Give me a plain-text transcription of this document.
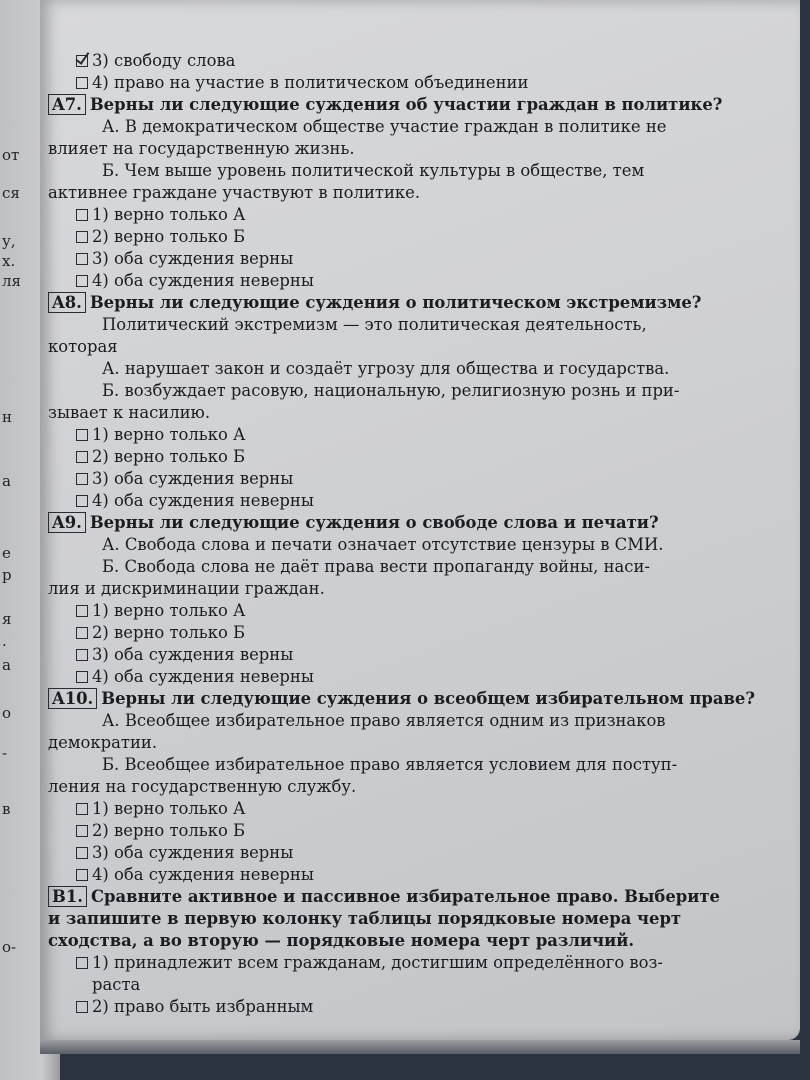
от
ся
у,
х.
ля
н
а
е
р
я
.
а
о
-
в
о-
3) свободу слова
4) право на участие в политическом объединении
A7. Верны ли следующие суждения об участии граждан в политике?
А. В демократическом обществе участие граждан в политике не
влияет на государственную жизнь.
Б. Чем выше уровень политической культуры в обществе, тем
активнее граждане участвуют в политике.
1) верно только А
2) верно только Б
3) оба суждения верны
4) оба суждения неверны
A8. Верны ли следующие суждения о политическом экстремизме?
Политический экстремизм — это политическая деятельность,
которая
А. нарушает закон и создаёт угрозу для общества и государства.
Б. возбуждает расовую, национальную, религиозную рознь и при-
зывает к насилию.
1) верно только А
2) верно только Б
3) оба суждения верны
4) оба суждения неверны
A9. Верны ли следующие суждения о свободе слова и печати?
А. Свобода слова и печати означает отсутствие цензуры в СМИ.
Б. Свобода слова не даёт права вести пропаганду войны, наси-
лия и дискриминации граждан.
1) верно только А
2) верно только Б
3) оба суждения верны
4) оба суждения неверны
A10. Верны ли следующие суждения о всеобщем избирательном праве?
А. Всеобщее избирательное право является одним из признаков
демократии.
Б. Всеобщее избирательное право является условием для поступ-
ления на государственную службу.
1) верно только А
2) верно только Б
3) оба суждения верны
4) оба суждения неверны
B1. Сравните активное и пассивное избирательное право. Выберите
и запишите в первую колонку таблицы порядковые номера черт
сходства, а во вторую — порядковые номера черт различий.
1) принадлежит всем гражданам, достигшим определённого воз-
раста
2) право быть избранным
